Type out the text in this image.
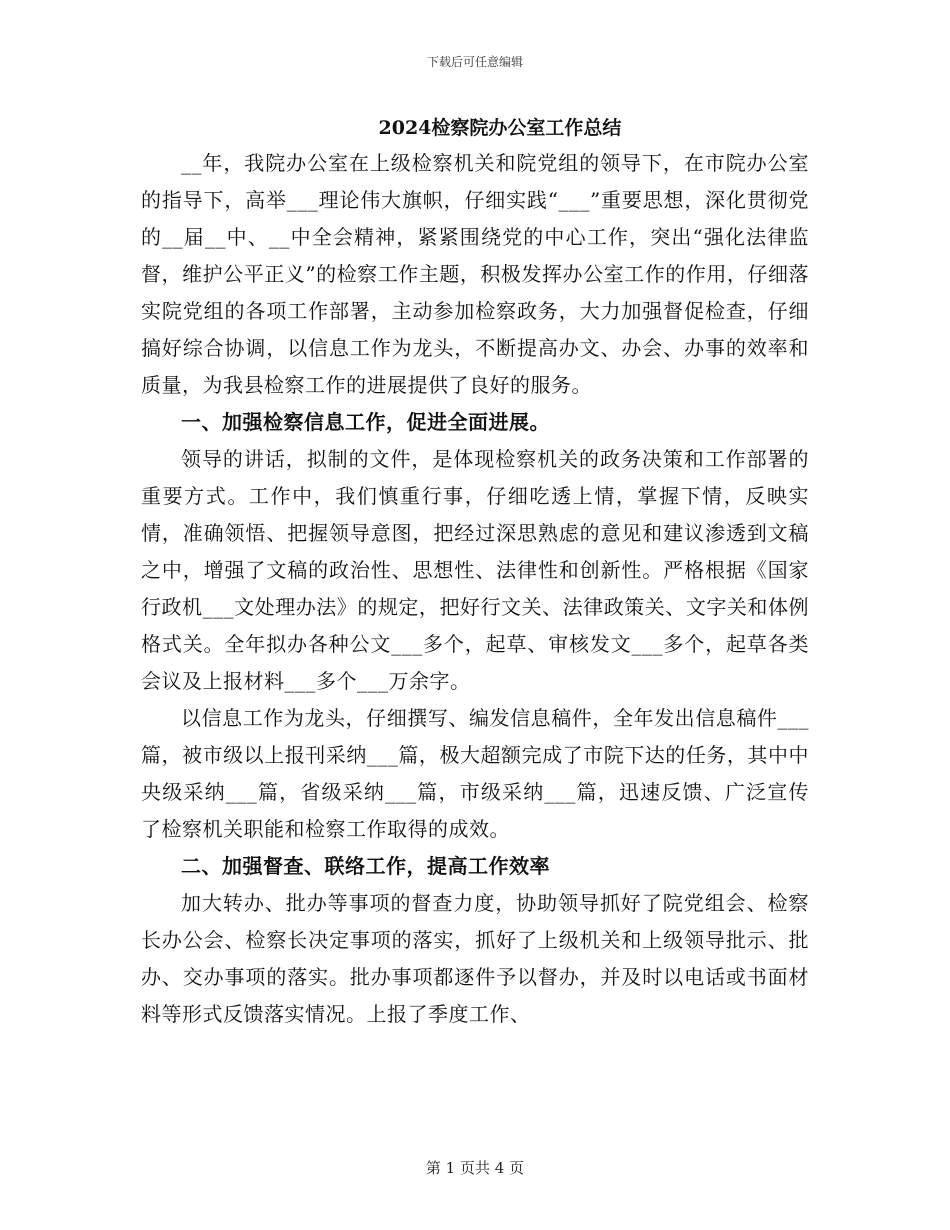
下载后可任意编辑
2024检察院办公室工作总结

__年，我院办公室在上级检察机关和院党组的领导下，在市院办公室的指导下，高举___理论伟大旗帜，仔细实践“___”重要思想，深化贯彻党的__届__中、__中全会精神，紧紧围绕党的中心工作，突出“强化法律监督，维护公平正义”的检察工作主题，积极发挥办公室工作的作用，仔细落实院党组的各项工作部署，主动参加检察政务，大力加强督促检查，仔细搞好综合协调，以信息工作为龙头，不断提高办文、办会、办事的效率和质量，为我县检察工作的进展提供了良好的服务。

一、加强检察信息工作，促进全面进展。

领导的讲话，拟制的文件，是体现检察机关的政务决策和工作部署的重要方式。工作中，我们慎重行事，仔细吃透上情，掌握下情，反映实情，准确领悟、把握领导意图，把经过深思熟虑的意见和建议渗透到文稿之中，增强了文稿的政治性、思想性、法律性和创新性。严格根据《国家行政机___文处理办法》的规定，把好行文关、法律政策关、文字关和体例格式关。全年拟办各种公文___多个，起草、审核发文___多个，起草各类会议及上报材料___多个___万余字。

以信息工作为龙头，仔细撰写、编发信息稿件，全年发出信息稿件___篇，被市级以上报刊采纳___篇，极大超额完成了市院下达的任务，其中中央级采纳___篇，省级采纳___篇，市级采纳___篇，迅速反馈、广泛宣传了检察机关职能和检察工作取得的成效。

二、加强督查、联络工作，提高工作效率

加大转办、批办等事项的督查力度，协助领导抓好了院党组会、检察长办公会、检察长决定事项的落实，抓好了上级机关和上级领导批示、批办、交办事项的落实。批办事项都逐件予以督办，并及时以电话或书面材料等形式反馈落实情况。上报了季度工作、

第 1 页共 4 页
